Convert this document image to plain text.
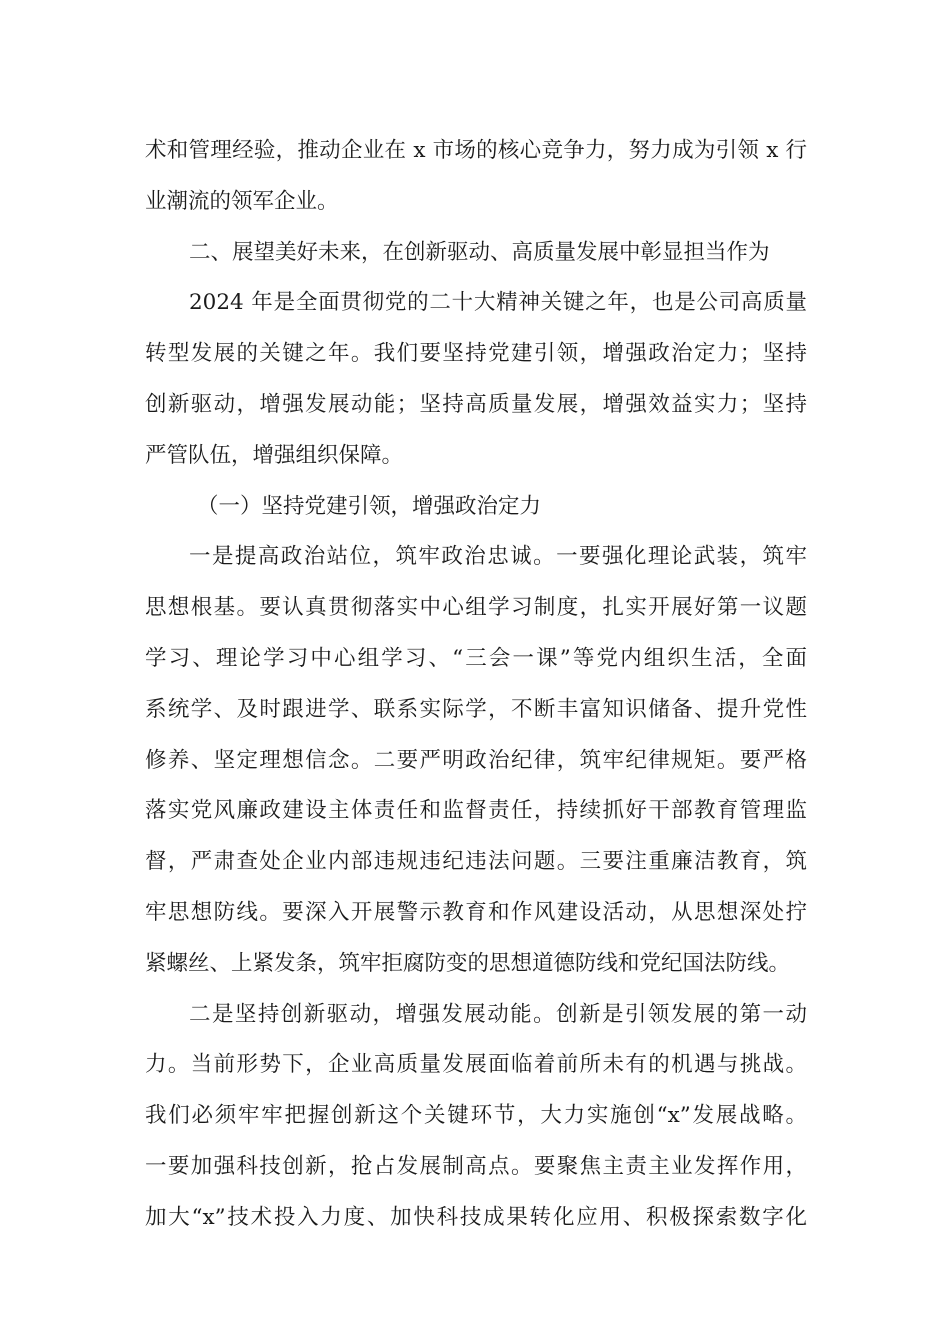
术和管理经验，推动企业在 x 市场的核心竞争力，努力成为引领 x 行
业潮流的领军企业。
二、展望美好未来，在创新驱动、高质量发展中彰显担当作为
2024 年是全面贯彻党的二十大精神关键之年，也是公司高质量
转型发展的关键之年。我们要坚持党建引领，增强政治定力；坚持
创新驱动，增强发展动能；坚持高质量发展，增强效益实力；坚持
严管队伍，增强组织保障。
（一）坚持党建引领，增强政治定力
一是提高政治站位，筑牢政治忠诚。一要强化理论武装，筑牢
思想根基。要认真贯彻落实中心组学习制度，扎实开展好第一议题
学习、理论学习中心组学习、“三会一课”等党内组织生活，全面
系统学、及时跟进学、联系实际学，不断丰富知识储备、提升党性
修养、坚定理想信念。二要严明政治纪律，筑牢纪律规矩。要严格
落实党风廉政建设主体责任和监督责任，持续抓好干部教育管理监
督，严肃查处企业内部违规违纪违法问题。三要注重廉洁教育，筑
牢思想防线。要深入开展警示教育和作风建设活动，从思想深处拧
紧螺丝、上紧发条，筑牢拒腐防变的思想道德防线和党纪国法防线。
二是坚持创新驱动，增强发展动能。创新是引领发展的第一动
力。当前形势下，企业高质量发展面临着前所未有的机遇与挑战。
我们必须牢牢把握创新这个关键环节，大力实施创“x”发展战略。
一要加强科技创新，抢占发展制高点。要聚焦主责主业发挥作用，
加大“x”技术投入力度、加快科技成果转化应用、积极探索数字化
